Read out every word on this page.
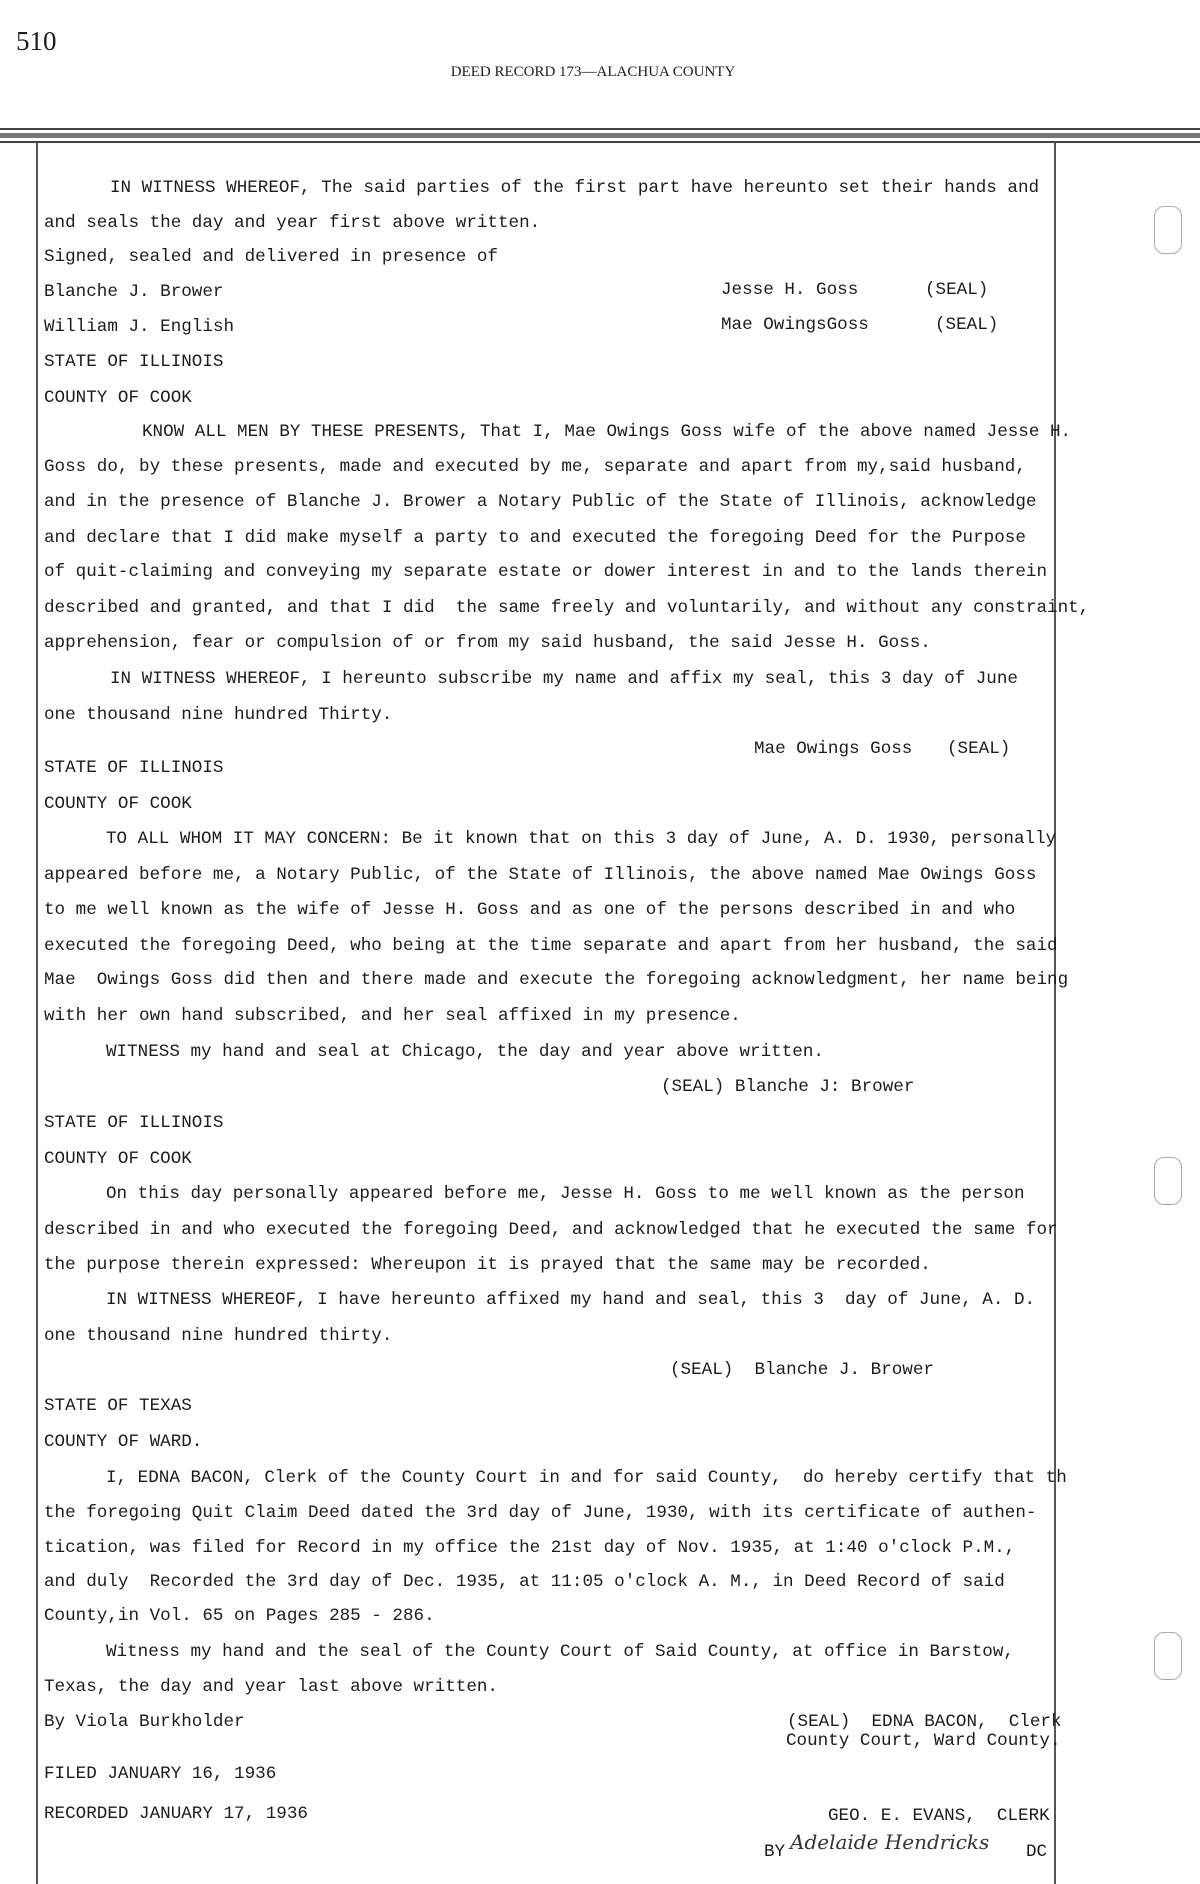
510
DEED RECORD 173—ALACHUA COUNTY
IN WITNESS WHEREOF, The said parties of the first part have hereunto set their hands and
and seals the day and year first above written.
Signed, sealed and delivered in presence of
Blanche J. Brower	Jesse H. Goss	(SEAL)
William J. English	Mae OwingsGoss	(SEAL)
STATE OF ILLINOIS
COUNTY OF COOK
KNOW ALL MEN BY THESE PRESENTS, That I, Mae Owings Goss wife of the above named Jesse H.
Goss do, by these presents, made and executed by me, separate and apart from my,said husband,
and in the presence of Blanche J. Brower a Notary Public of the State of Illinois, acknowledge
and declare that I did make myself a party to and executed the foregoing Deed for the Purpose
of quit-claiming and conveying my separate estate or dower interest in and to the lands therein
described and granted, and that I did  the same freely and voluntarily, and without any constraint,
apprehension, fear or compulsion of or from my said husband, the said Jesse H. Goss.
IN WITNESS WHEREOF, I hereunto subscribe my name and affix my seal, this 3 day of June
one thousand nine hundred Thirty.
Mae Owings Goss (SEAL)
STATE OF ILLINOIS
COUNTY OF COOK
TO ALL WHOM IT MAY CONCERN: Be it known that on this 3 day of June, A. D. 1930, personally
appeared before me, a Notary Public, of the State of Illinois, the above named Mae Owings Goss
to me well known as the wife of Jesse H. Goss and as one of the persons described in and who
executed the foregoing Deed, who being at the time separate and apart from her husband, the said
Mae  Owings Goss did then and there made and execute the foregoing acknowledgment, her name being
with her own hand subscribed, and her seal affixed in my presence.
WITNESS my hand and seal at Chicago, the day and year above written.
(SEAL) Blanche J: Brower
STATE OF ILLINOIS
COUNTY OF COOK
On this day personally appeared before me, Jesse H. Goss to me well known as the person
described in and who executed the foregoing Deed, and acknowledged that he executed the same for
the purpose therein expressed: Whereupon it is prayed that the same may be recorded.
IN WITNESS WHEREOF, I have hereunto affixed my hand and seal, this 3  day of June, A. D.
one thousand nine hundred thirty.
(SEAL)  Blanche J. Brower
STATE OF TEXAS
COUNTY OF WARD.
I, EDNA BACON, Clerk of the County Court in and for said County,  do hereby certify that th
the foregoing Quit Claim Deed dated the 3rd day of June, 1930, with its certificate of authen-
tication, was filed for Record in my office the 21st day of Nov. 1935, at 1:40 o'clock P.M.,
and duly  Recorded the 3rd day of Dec. 1935, at 11:05 o'clock A. M., in Deed Record of said
County,in Vol. 65 on Pages 285 - 286.
Witness my hand and the seal of the County Court of Said County, at office in Barstow,
Texas, the day and year last above written.
By Viola Burkholder	(SEAL)  EDNA BACON,  Clerk
County Court, Ward County.
FILED JANUARY 16, 1936
RECORDED JANUARY 17, 1936	GEO. E. EVANS,  CLERK
BY Adelaide Hendricks DC
